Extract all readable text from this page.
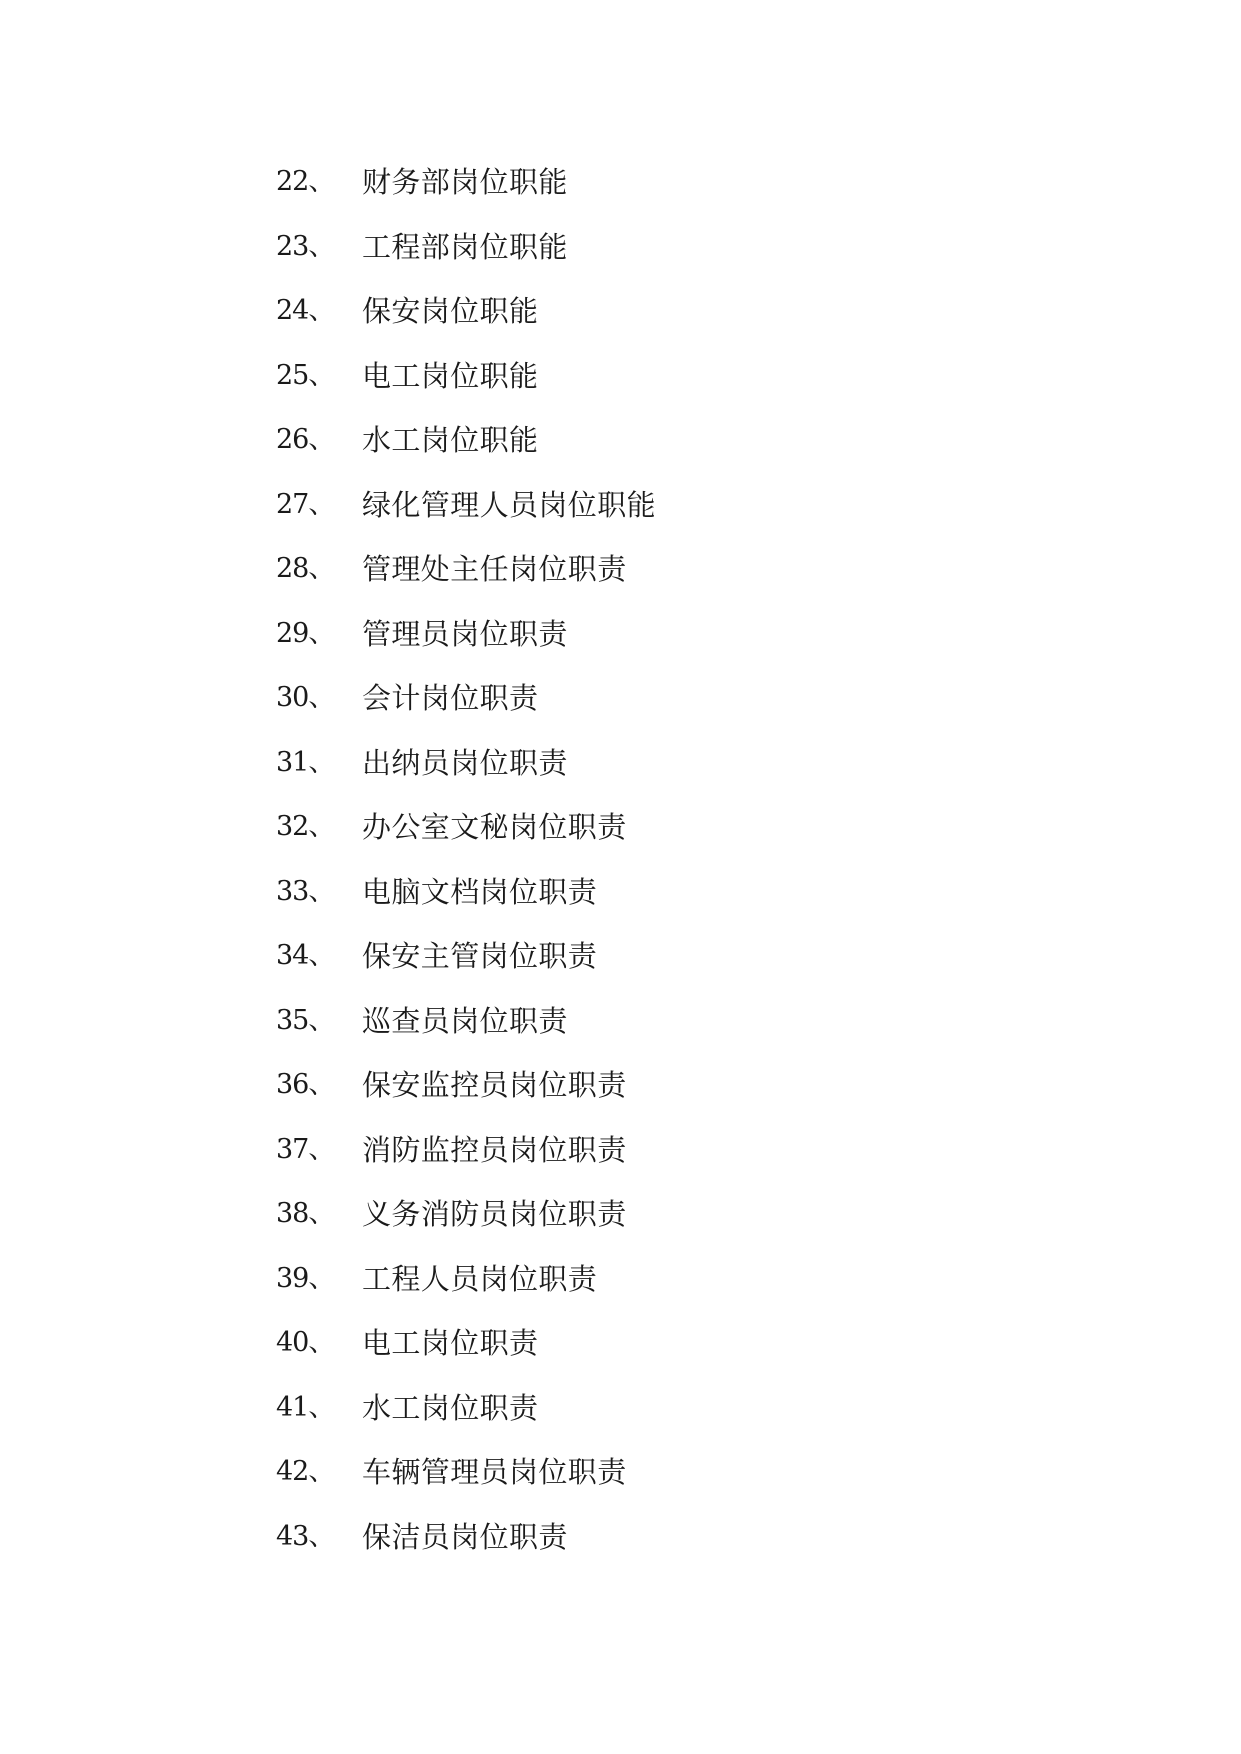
22、 财务部岗位职能
23、 工程部岗位职能
24、 保安岗位职能
25、 电工岗位职能
26、 水工岗位职能
27、 绿化管理人员岗位职能
28、 管理处主任岗位职责
29、 管理员岗位职责
30、 会计岗位职责
31、 出纳员岗位职责
32、 办公室文秘岗位职责
33、 电脑文档岗位职责
34、 保安主管岗位职责
35、 巡查员岗位职责
36、 保安监控员岗位职责
37、 消防监控员岗位职责
38、 义务消防员岗位职责
39、 工程人员岗位职责
40、 电工岗位职责
41、 水工岗位职责
42、 车辆管理员岗位职责
43、 保洁员岗位职责
